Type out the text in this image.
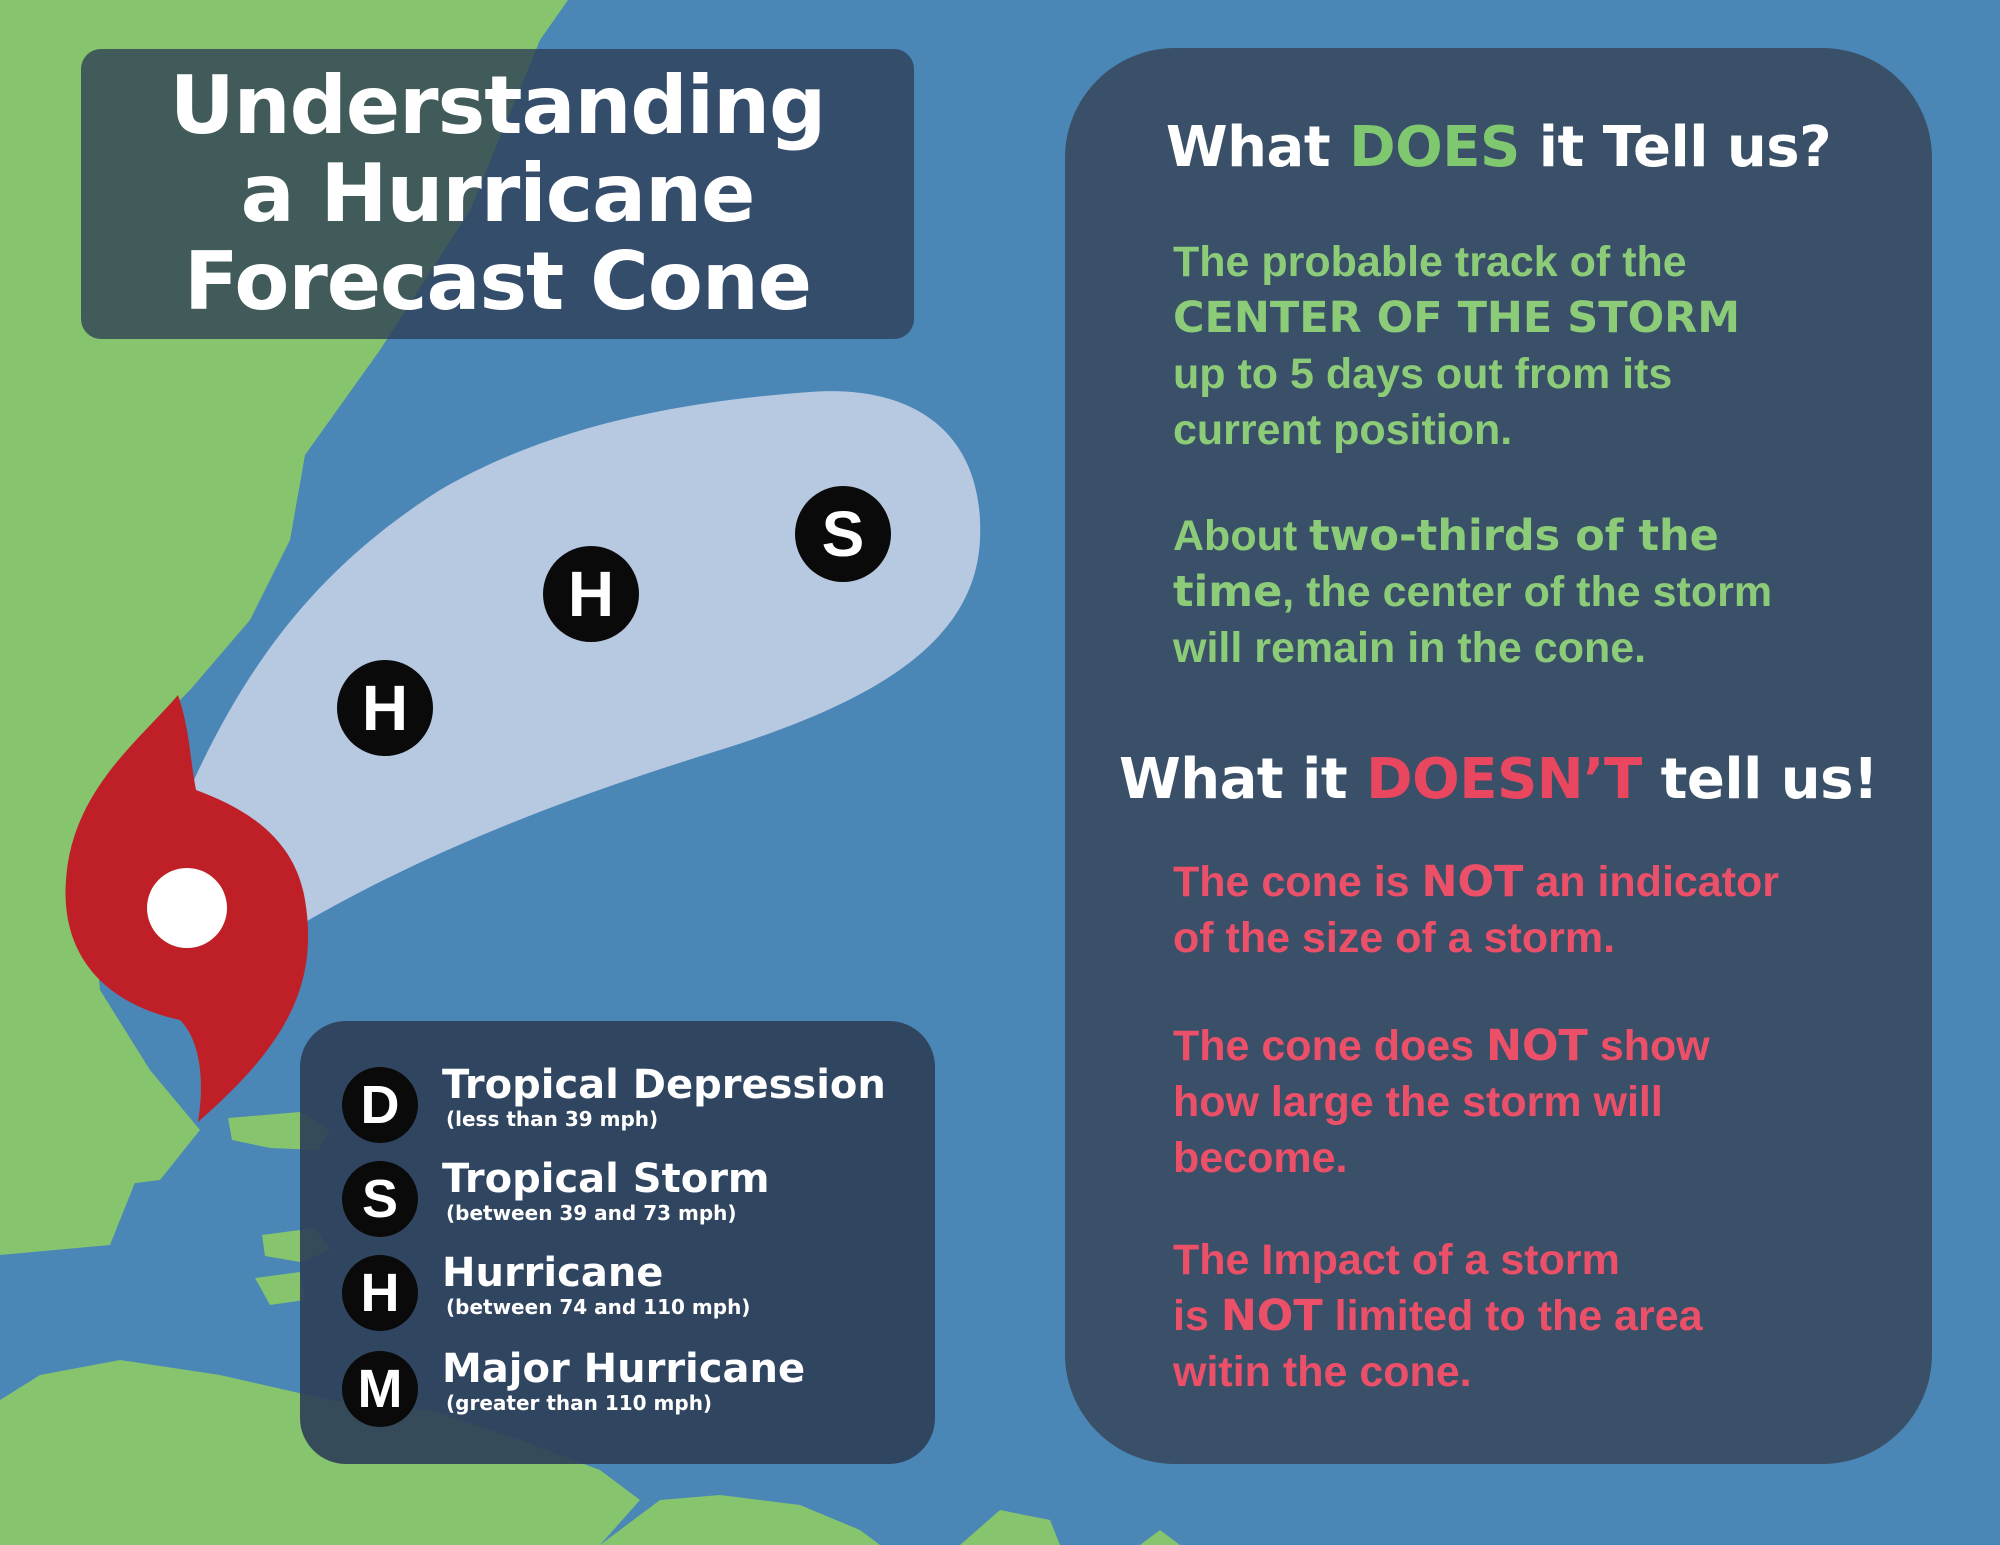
Understanding
a Hurricane
Forecast Cone
H
H
S
D	Tropical Depression
(less than 39 mph)
S	Tropical Storm
(between 39 and 73 mph)
H	Hurricane
(between 74 and 110 mph)
M Major Hurricane
(greater than 110 mph)
What DOES it Tell us?
The probable track of the
CENTER OF THE STORM
up to 5 days out from its
current position.
About two-thirds of the
time, the center of the storm
will remain in the cone.
What it DOESN’T tell us!
The cone is NOT an indicator
of the size of a storm.
The cone does NOT show
how large the storm will
become.
The Impact of a storm
is NOT limited to the area
witin the cone.
